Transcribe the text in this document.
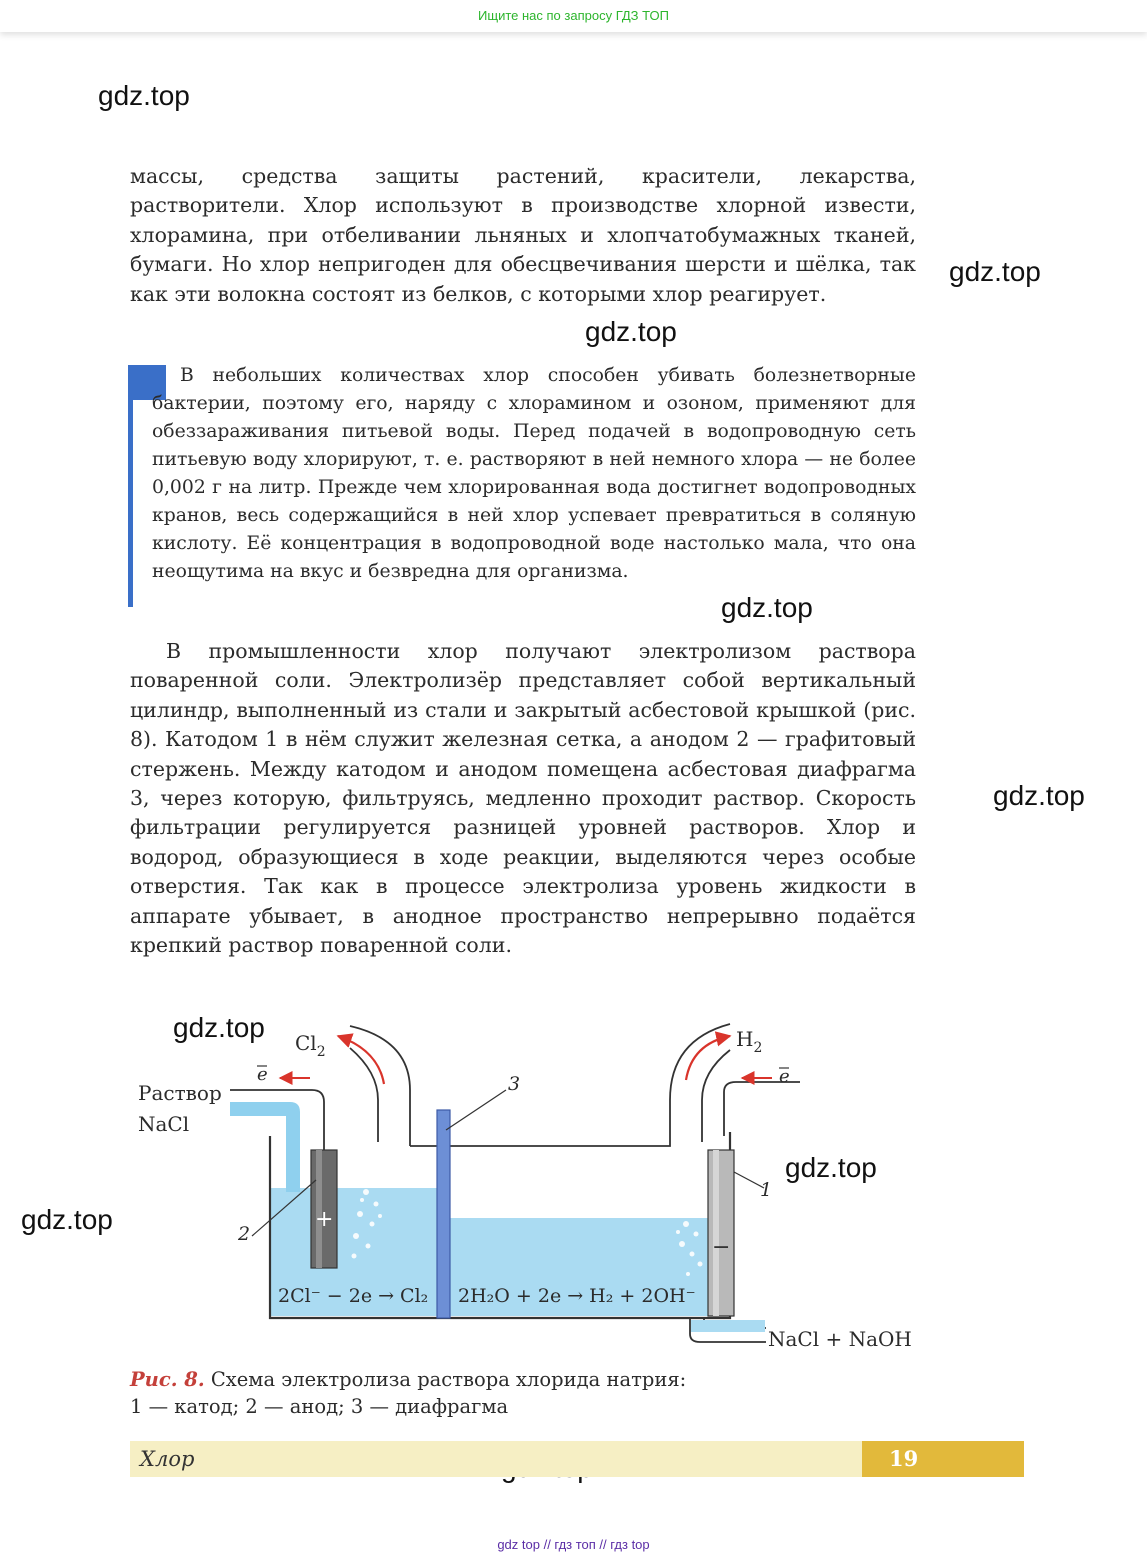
Ищите нас по запросу ГДЗ ТОП
gdz.top
gdz.top
gdz.top
gdz.top
gdz.top
gdz.top
gdz.top
gdz.top

массы, средства защиты растений, красители, лекарства, растворители. Хлор используют в производстве хлорной извести, хлорамина, при отбеливании льняных и хлопчатобумажных тканей, бумаги. Но хлор непригоден для обесцвечивания шерсти и шёлка, так как эти волокна состоят из белков, с которыми хлор реагирует.

В небольших количествах хлор способен убивать болезнетворные бактерии, поэтому его, наряду с хлорамином и озоном, применяют для обеззараживания питьевой воды. Перед подачей в водопроводную сеть питьевую воду хлорируют, т. е. растворяют в ней немного хлора — не более 0,002 г на литр. Прежде чем хлорированная вода достигнет водопроводных кранов, весь содержащийся в ней хлор успевает превратиться в соляную кислоту. Её концентрация в водопроводной воде настолько мала, что она неощутима на вкус и безвредна для организма.

В промышленности хлор получают электролизом раствора поваренной соли. Электролизёр представляет собой вертикальный цилиндр, выполненный из стали и закрытый асбестовой крышкой (рис. 8). Катодом 1 в нём служит железная сетка, а анодом 2 — графитовый стержень. Между катодом и анодом помещена асбестовая диафрагма 3, через которую, фильтруясь, медленно проходит раствор. Скорость фильтрации регулируется разницей уровней растворов. Хлор и водород, образующиеся в ходе реакции, выделяются через особые отверстия. Так как в процессе электролиза уровень жидкости в аппарате убывает, в анодное пространство непрерывно подаётся крепкий раствор поваренной соли.

$Cl_2$
$H_2$
e	e
Раствор
NaCl
3
2
1
+
−
2Cl⁻ − 2e → Cl₂ 2H₂O + 2e → H₂ + 2OH⁻
NaCl + NaOH
Рис. 8. Схема электролиза раствора хлорида натрия:
1 — катод; 2 — анод; 3 — диафрагма
Хлор	19
gdz top // гдз топ // гдз top
